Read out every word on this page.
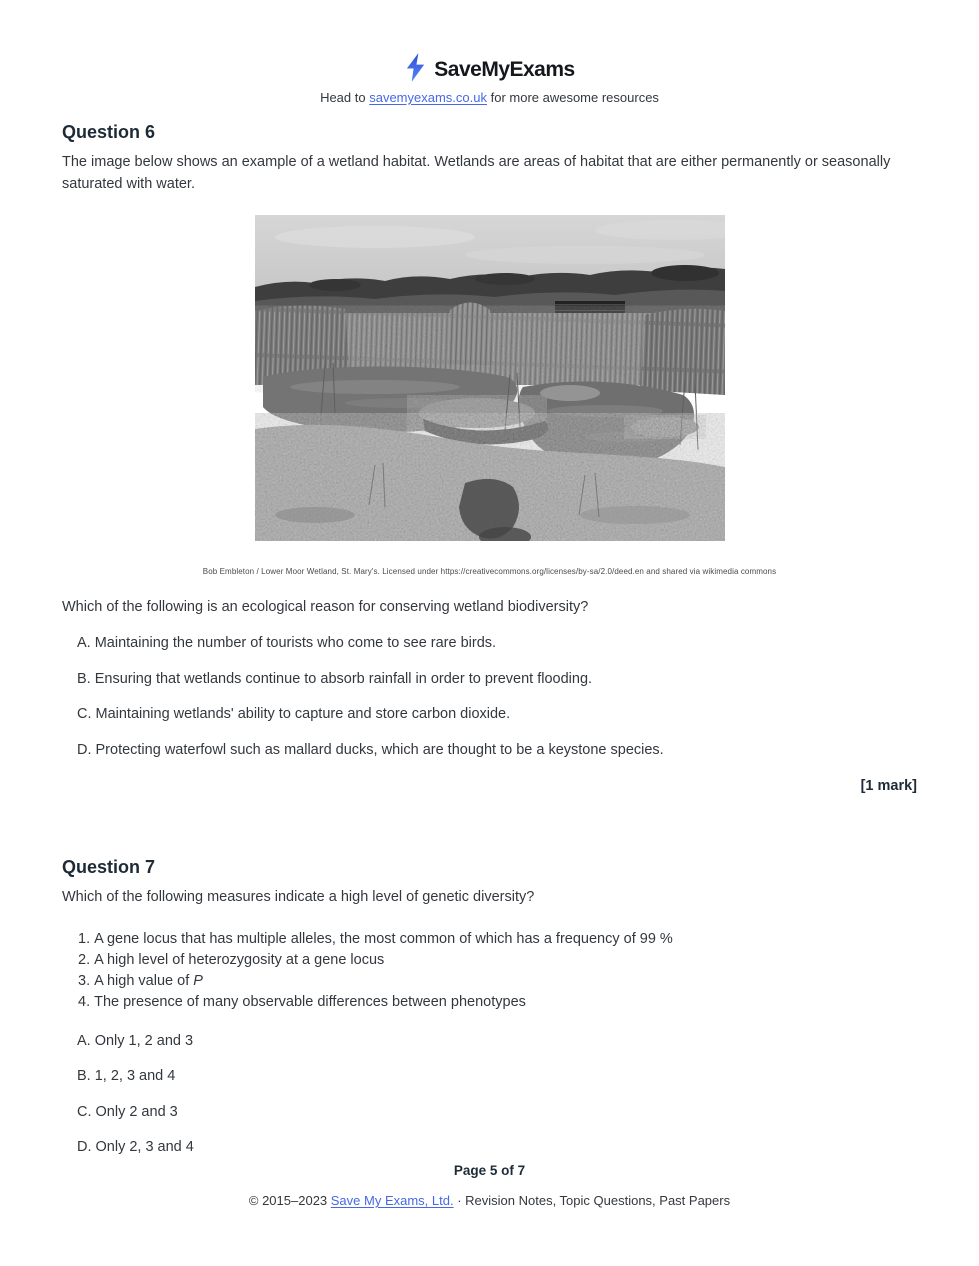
SaveMyExams
Head to savemyexams.co.uk for more awesome resources
Question 6
The image below shows an example of a wetland habitat. Wetlands are areas of habitat that are either permanently or seasonally saturated with water.
Bob Embleton / Lower Moor Wetland, St. Mary's. Licensed under https://creativecommons.org/licenses/by-sa/2.0/deed.en and shared via wikimedia commons
Which of the following is an ecological reason for conserving wetland biodiversity?
A. Maintaining the number of tourists who come to see rare birds.
B. Ensuring that wetlands continue to absorb rainfall in order to prevent flooding.
C. Maintaining wetlands' ability to capture and store carbon dioxide.
D. Protecting waterfowl such as mallard ducks, which are thought to be a keystone species.
[1 mark]
Question 7
Which of the following measures indicate a high level of genetic diversity?
1. A gene locus that has multiple alleles, the most common of which has a frequency of 99 %
2. A high level of heterozygosity at a gene locus
3. A high value of P
4. The presence of many observable differences between phenotypes
A. Only 1, 2 and 3
B. 1, 2, 3 and 4
C. Only 2 and 3
D. Only 2, 3 and 4
Page 5 of 7
© 2015–2023 Save My Exams, Ltd. · Revision Notes, Topic Questions, Past Papers
